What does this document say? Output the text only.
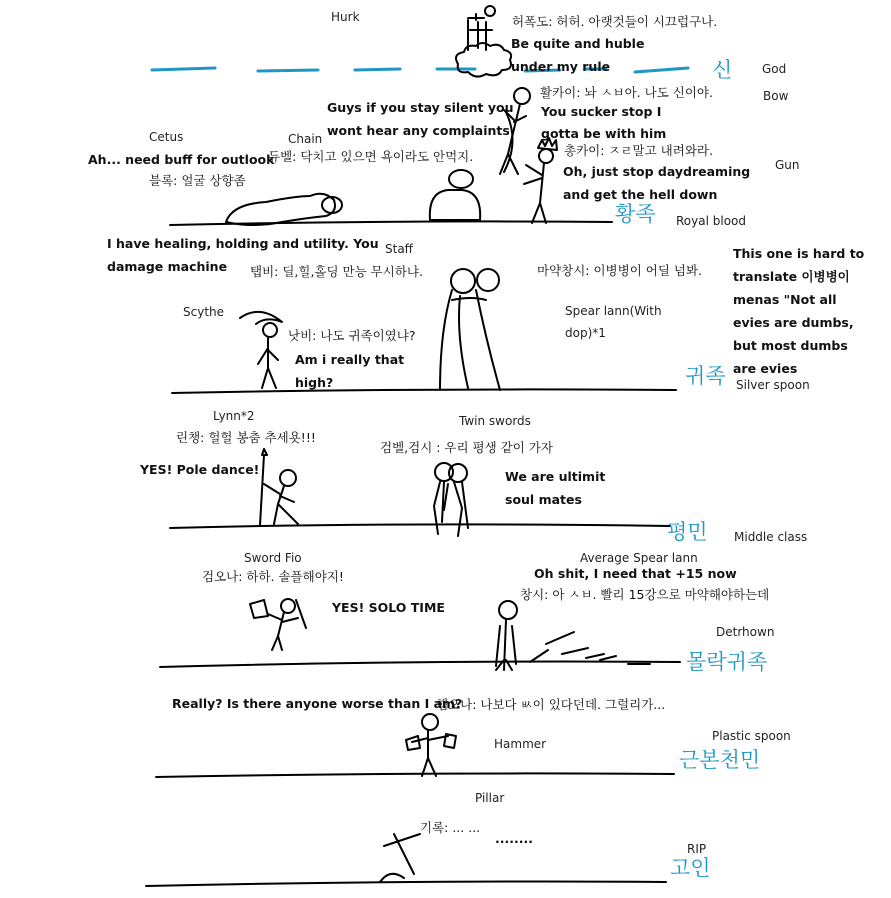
Hurk	허폭도: 허허. 아랫것들이 시끄럽구나.
Be quite and huble
under my rule	신 God
활카이: 놔 ㅅㅂ아. 나도 신이야.	Bow
You sucker stop I
gotta be with him
Guys if you stay silent you
wont hear any complaints
Chain
듀벨: 닥치고 있으면 욕이라도 안먹지.
Cetus
Ah... need buff for outlook
블록: 얼굴 상향좀
총카이: ㅈㄹ말고 내려와라.
Gun
Oh, just stop daydreaming
and get the hell down
황족 Royal blood
I have healing, holding and utility. You
damage machine
Staff
탭비: 딜,힐,홀딩 만능 무시하냐.	마약창시: 이병병이 어딜 넘봐.
Spear lann(With dop)*1
This one is hard to translate 이병병이 menas "Not all evies are dumbs, but most dumbs are evies
Scythe
낫비: 나도 귀족이였냐?
Am i really that
high?	귀족 Silver spoon
Lynn*2
린챙: 헐헐 봉춤 추세욧!!!
YES! Pole dance!
Twin swords
검벨,검시 : 우리 평생 같이 가자
We are ultimit
soul mates
평민 Middle class
Sword Fio
검오나: 하하. 솔플해야지!
YES! SOLO TIME
Average Spear lann
Oh shit, I need that +15 now
창시: 아 ㅅㅂ. 빨리 15강으로 마약해야하는데
Detrhown
몰락귀족
Really? Is there anyone worse than I am?
햄오나: 나보다 ㅄ이 있다던데. 그럴리가...
Hammer
Plastic spoon
근본천민
Pillar
기록: ... ...
........
RIP
고인
